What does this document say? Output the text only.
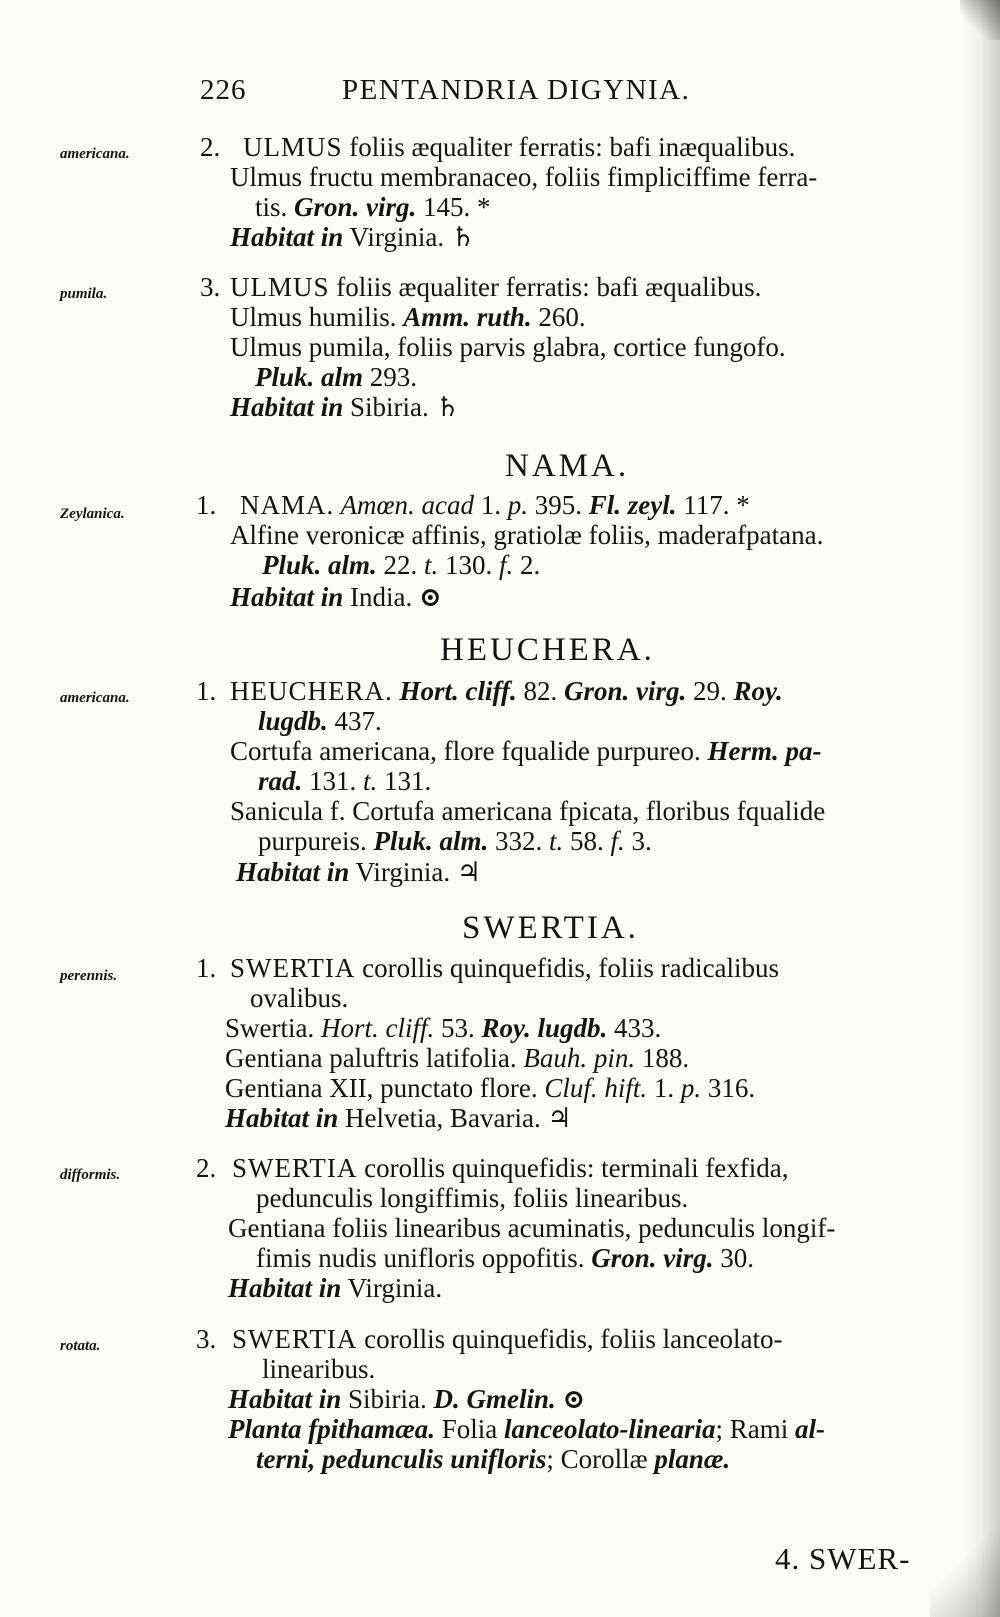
226	PENTANDRIA DIGYNIA.
americana.	2. ULMUS foliis æqualiter ferratis: bafi inæqualibus.
Ulmus fructu membranaceo, foliis fimpliciffime ferra-
tis. Gron. virg. 145. *
Habitat in Virginia. ♄
pumila.	3. ULMUS foliis æqualiter ferratis: bafi æqualibus.
Ulmus humilis. Amm. ruth. 260.
Ulmus pumila, foliis parvis glabra, cortice fungofo.
Pluk. alm 293.
Habitat in Sibiria. ♄
NAMA.
Zeylanica.	1. NAMA. Amœn. acad 1. p. 395. Fl. zeyl. 117. *
Alfine veronicæ affinis, gratiolæ foliis, maderafpatana.
Pluk. alm. 22. t. 130. f. 2.
Habitat in India. ⊙
HEUCHERA.
americana.	1. HEUCHERA. Hort. cliff. 82. Gron. virg. 29. Roy.
lugdb. 437.
Cortufa americana, flore fqualide purpureo. Herm. pa-
rad. 131. t. 131.
Sanicula f. Cortufa americana fpicata, floribus fqualide
purpureis. Pluk. alm. 332. t. 58. f. 3.
Habitat in Virginia. ♃
SWERTIA.
perennis.	1. SWERTIA corollis quinquefidis, foliis radicalibus
ovalibus.
Swertia. Hort. cliff. 53. Roy. lugdb. 433.
Gentiana paluftris latifolia. Bauh. pin. 188.
Gentiana XII, punctato flore. Cluf. hift. 1. p. 316.
Habitat in Helvetia, Bavaria. ♃
difformis.	2. SWERTIA corollis quinquefidis: terminali fexfida,
pedunculis longiffimis, foliis linearibus.
Gentiana foliis linearibus acuminatis, pedunculis longif-
fimis nudis unifloris oppofitis. Gron. virg. 30.
Habitat in Virginia.
rotata.	3. SWERTIA corollis quinquefidis, foliis lanceolato-
linearibus.
Habitat in Sibiria. D. Gmelin. ⊙
Planta fpithamæa. Folia lanceolato-linearia; Rami al-
terni, pedunculis unifloris; Corollæ planæ.
4. SWER-
